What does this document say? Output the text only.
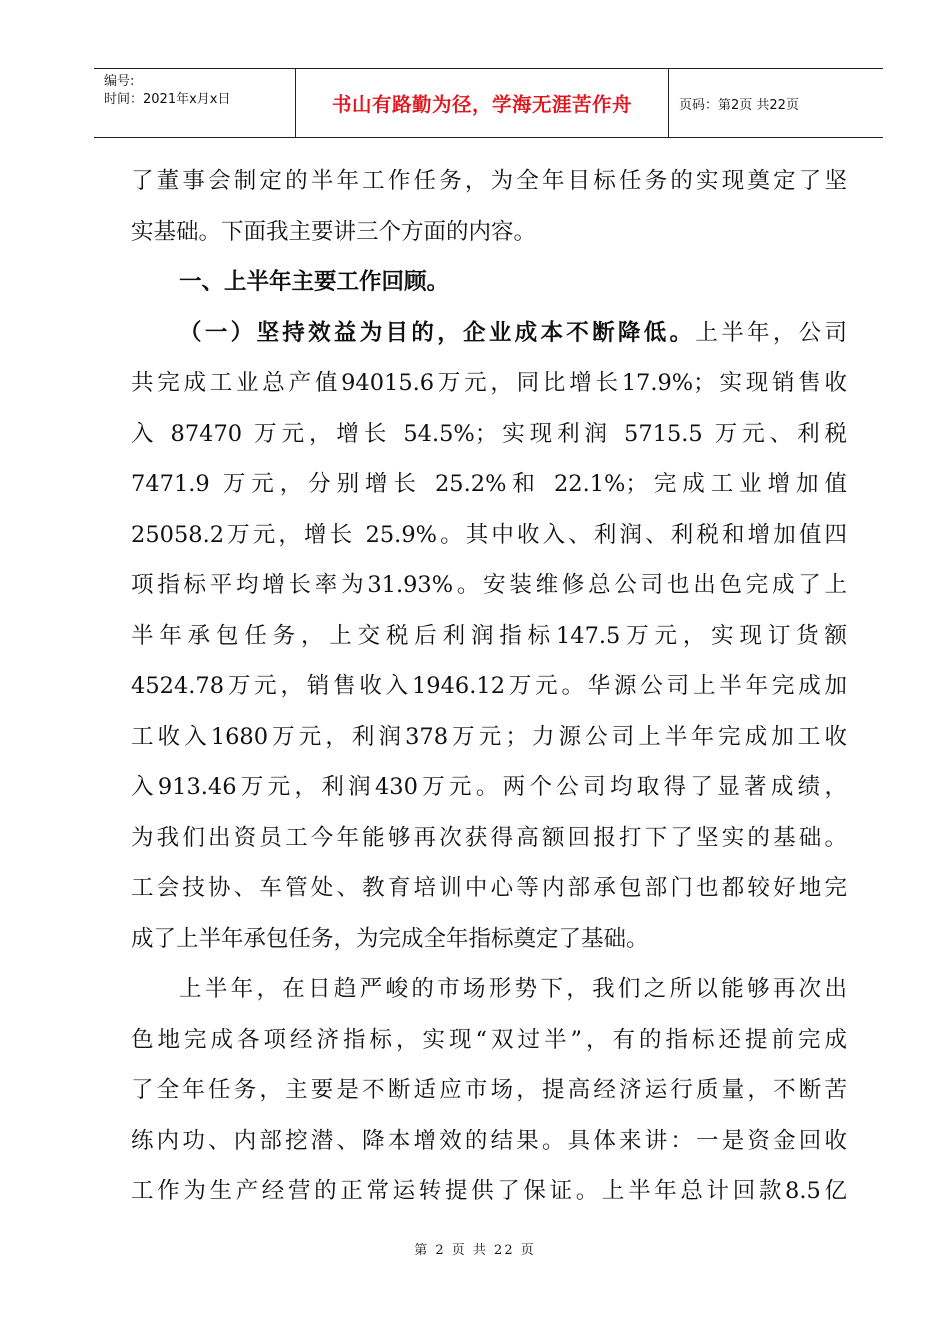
编号:
时间：2021年x月x日	书山有路勤为径，学海无涯苦作舟	页码：第2页 共22页
了董事会制定的半年工作任务，为全年目标任务的实现奠定了坚
实基础。下面我主要讲三个方面的内容。
一、上半年主要工作回顾。
（一）坚持效益为目的，企业成本不断降低。上半年，公司
共完成工业总产值94015.6万元，同比增长17.9%；实现销售收
入 87470 万元，增长 54.5%；实现利润 5715.5 万元、利税
7471.9 万元，分别增长 25.2%和 22.1%；完成工业增加值
25058.2万元，增长 25.9%。其中收入、利润、利税和增加值四
项指标平均增长率为31.93%。安装维修总公司也出色完成了上
半年承包任务，上交税后利润指标147.5万元，实现订货额
4524.78万元，销售收入1946.12万元。华源公司上半年完成加
工收入1680万元，利润378万元；力源公司上半年完成加工收
入913.46万元，利润430万元。两个公司均取得了显著成绩，
为我们出资员工今年能够再次获得高额回报打下了坚实的基础。
工会技协、车管处、教育培训中心等内部承包部门也都较好地完
成了上半年承包任务，为完成全年指标奠定了基础。
上半年，在日趋严峻的市场形势下，我们之所以能够再次出
色地完成各项经济指标，实现“双过半”，有的指标还提前完成
了全年任务，主要是不断适应市场，提高经济运行质量，不断苦
练内功、内部挖潜、降本增效的结果。具体来讲：一是资金回收
工作为生产经营的正常运转提供了保证。上半年总计回款8.5亿
第 2 页 共 22 页
